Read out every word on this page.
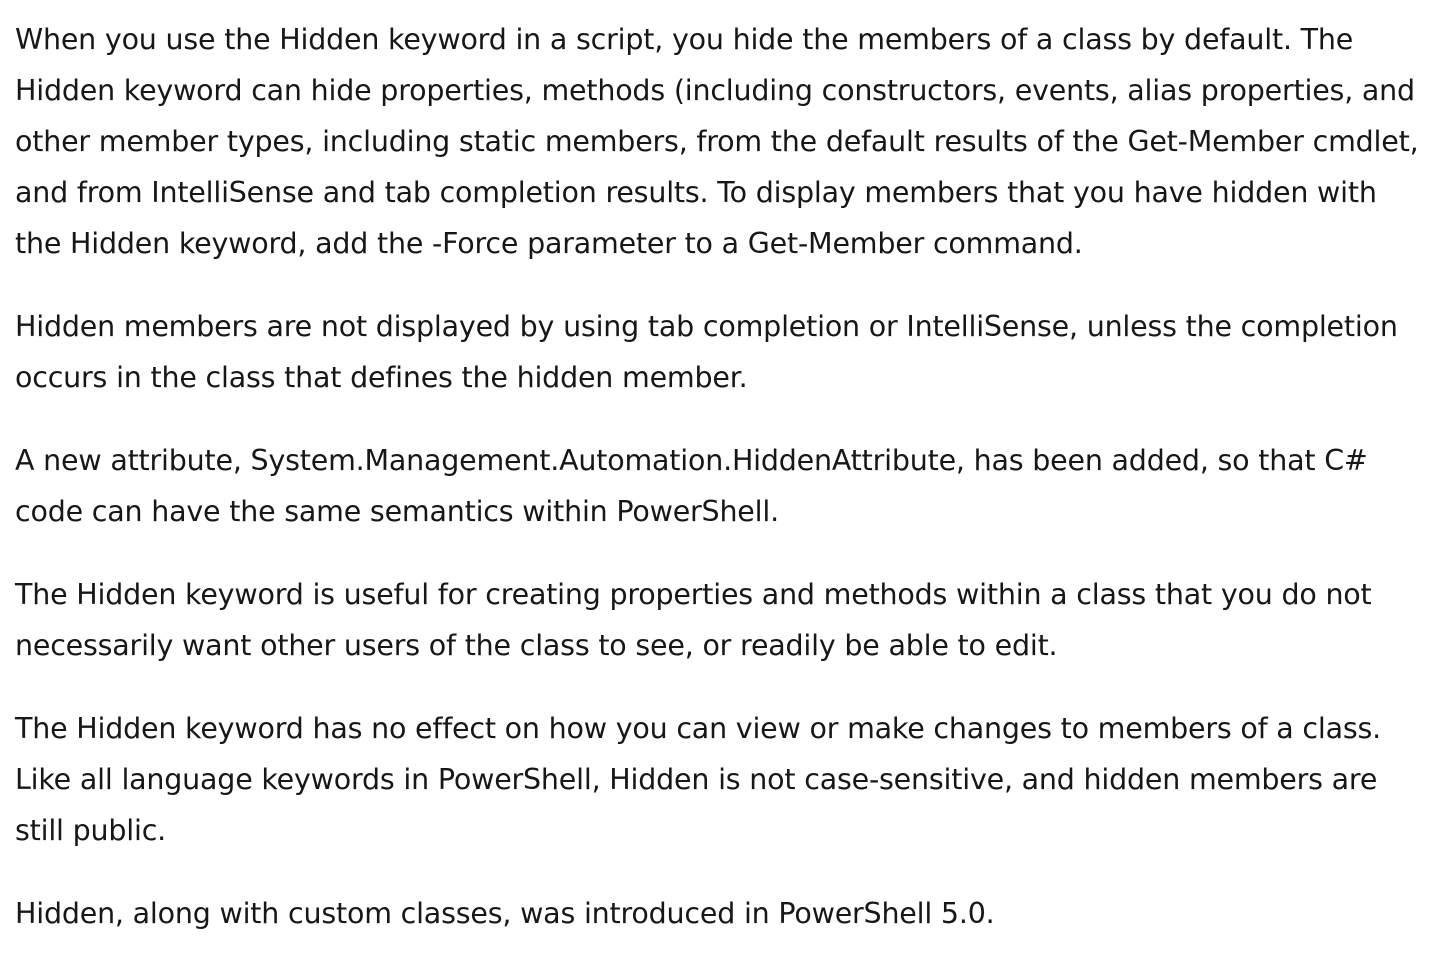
When you use the Hidden keyword in a script, you hide the members of a class by default. The
Hidden keyword can hide properties, methods (including constructors, events, alias properties, and
other member types, including static members, from the default results of the Get-Member cmdlet,
and from IntelliSense and tab completion results. To display members that you have hidden with
the Hidden keyword, add the -Force parameter to a Get-Member command.

Hidden members are not displayed by using tab completion or IntelliSense, unless the completion
occurs in the class that defines the hidden member.

A new attribute, System.Management.Automation.HiddenAttribute, has been added, so that C#
code can have the same semantics within PowerShell.

The Hidden keyword is useful for creating properties and methods within a class that you do not
necessarily want other users of the class to see, or readily be able to edit.

The Hidden keyword has no effect on how you can view or make changes to members of a class.
Like all language keywords in PowerShell, Hidden is not case-sensitive, and hidden members are
still public.

Hidden, along with custom classes, was introduced in PowerShell 5.0.
